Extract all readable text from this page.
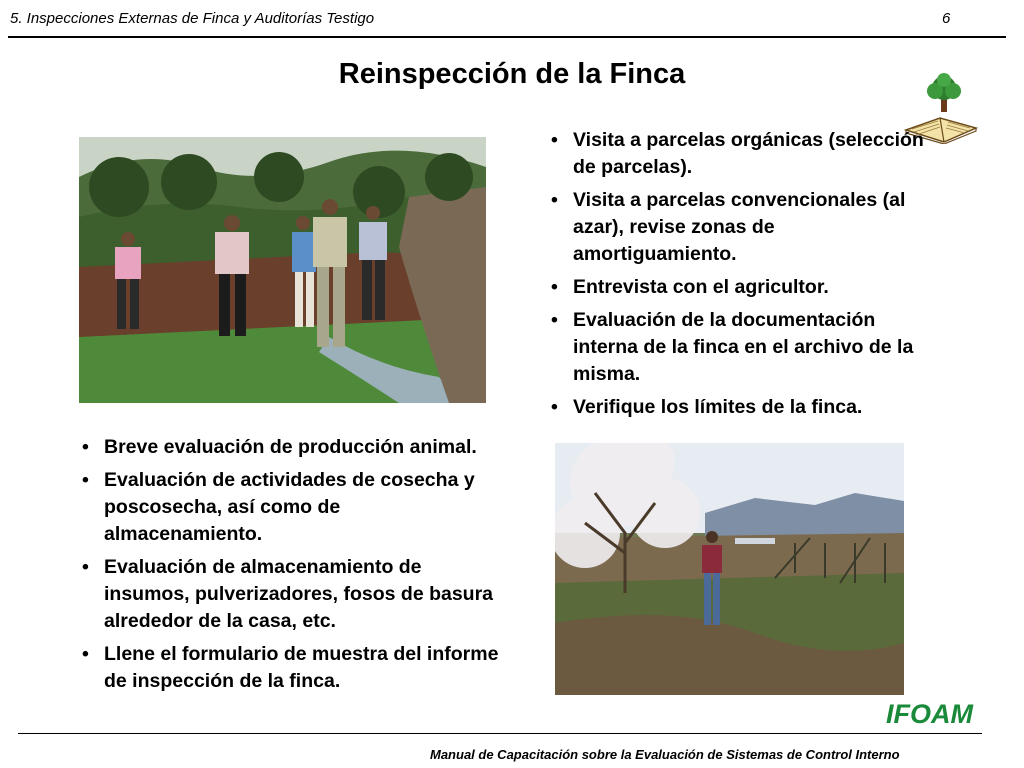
5. Inspecciones Externas de Finca y Auditorías Testigo	6
Reinspección de la Finca
• Visita a parcelas orgánicas (selección de parcelas).
• Visita a parcelas convencionales (al azar), revise zonas de amortiguamiento.
• Entrevista con el agricultor.
• Evaluación de la documentación interna de la finca en el archivo de la misma.
• Verifique los límites de la finca.
• Breve evaluación de producción animal.
• Evaluación de actividades de cosecha y poscosecha, así como de almacenamiento.
• Evaluación de almacenamiento de insumos, pulverizadores, fosos de basura alrededor de la casa, etc.
• Llene el formulario de muestra del informe de inspección de la finca.
IFOAM
Manual de Capacitación sobre la Evaluación de Sistemas de Control Interno
